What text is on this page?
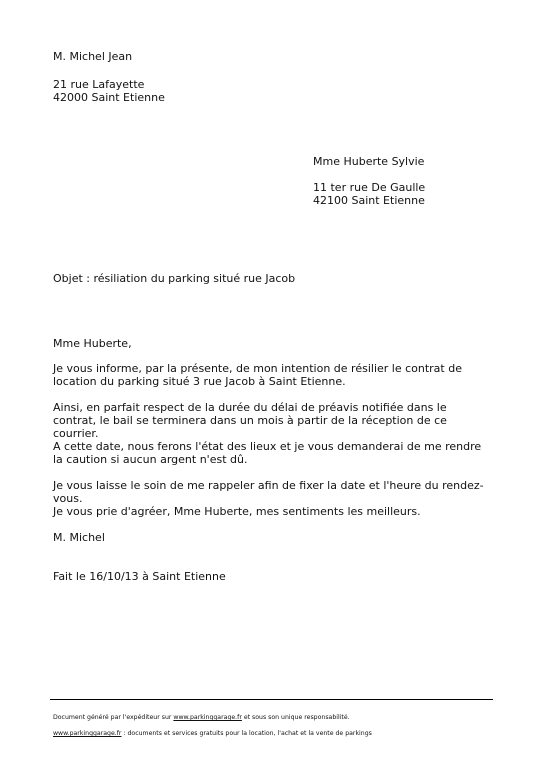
M. Michel Jean
21 rue Lafayette
42000 Saint Etienne
Mme Huberte Sylvie
11 ter rue De Gaulle
42100 Saint Etienne
Objet : résiliation du parking situé rue Jacob
Mme Huberte,
Je vous informe, par la présente, de mon intention de résilier le contrat de location du parking situé 3 rue Jacob à Saint Etienne.
Ainsi, en parfait respect de la durée du délai de préavis notifiée dans le contrat, le bail se terminera dans un mois à partir de la réception de ce courrier.
A cette date, nous ferons l'état des lieux et je vous demanderai de me rendre la caution si aucun argent n'est dû.
Je vous laisse le soin de me rappeler afin de fixer la date et l'heure du rendez-vous.
Je vous prie d'agréer, Mme Huberte, mes sentiments les meilleurs.
M. Michel
Fait le 16/10/13 à Saint Etienne
Document généré par l'expéditeur sur www.parkinggarage.fr et sous son unique responsabilité.
www.parkinggarage.fr : documents et services gratuits pour la location, l'achat et la vente de parkings
